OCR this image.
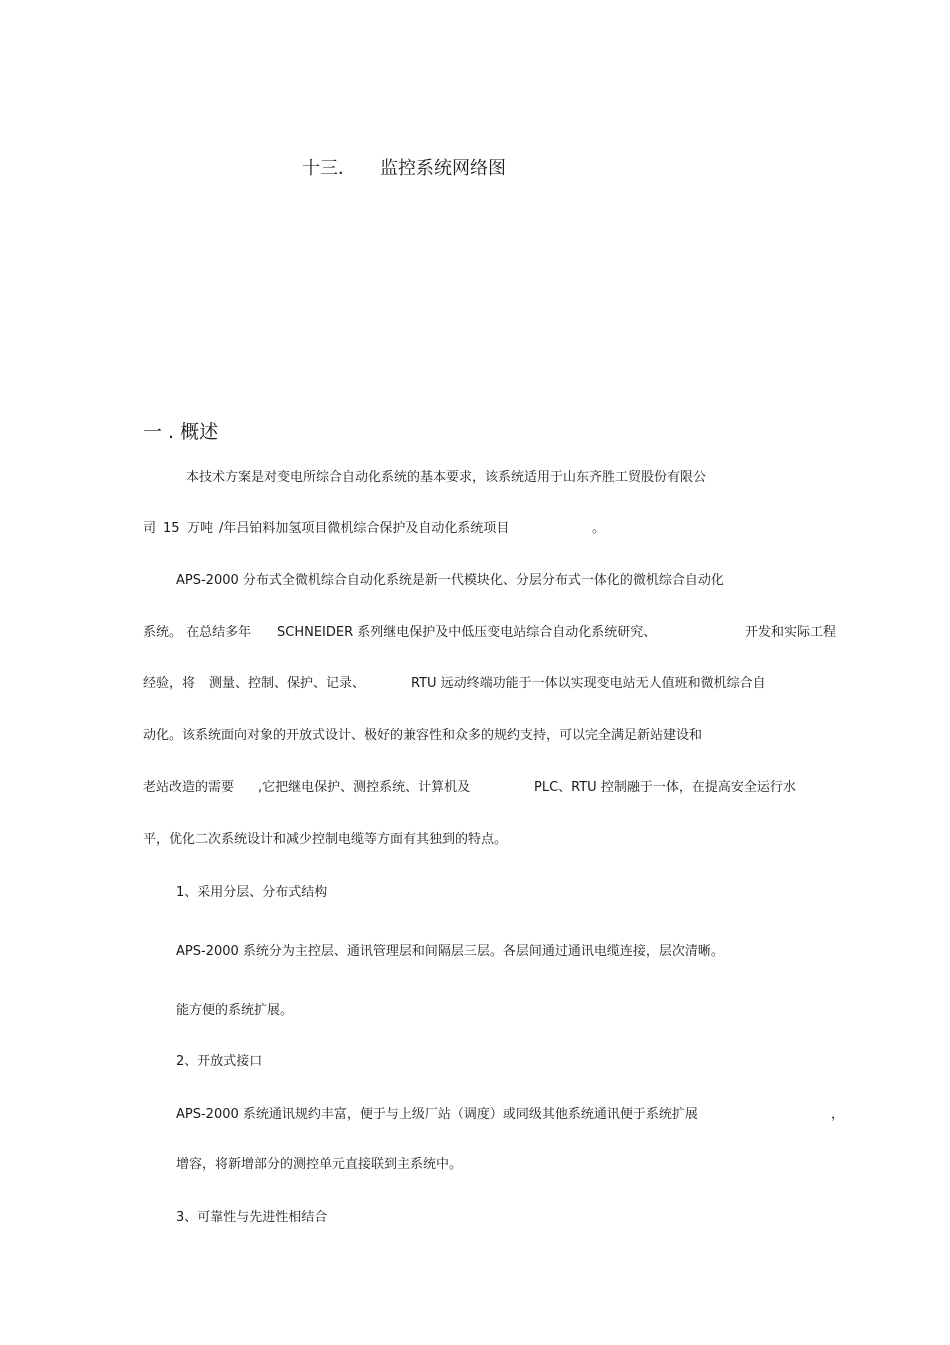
十三． 监控系统网络图
一 . 概述
本技术方案是对变电所综合自动化系统的基本要求，该系统适用于山东齐胜工贸股份有限公
司 15 万吨 /年吕铂料加氢项目微机综合保护及自动化系统项目	。
APS-2000 分布式全微机综合自动化系统是新一代模块化、分层分布式一体化的微机综合自动化
系统。 在总结多年 SCHNEIDER 系列继电保护及中低压变电站综合自动化系统研究、	开发和实际工程
经验，将 测量、控制、保护、记录、	RTU 远动终端功能于一体以实现变电站无人值班和微机综合自
动化。该系统面向对象的开放式设计、极好的兼容性和众多的规约支持，可以完全满足新站建设和
老站改造的需要 ,它把继电保护、测控系统、计算机及	PLC、RTU 控制融于一体，在提高安全运行水
平，优化二次系统设计和减少控制电缆等方面有其独到的特点。
1、采用分层、分布式结构
APS-2000 系统分为主控层、通讯管理层和间隔层三层。各层间通过通讯电缆连接，层次清晰。
能方便的系统扩展。
2、开放式接口
APS-2000 系统通讯规约丰富，便于与上级厂站（调度）或同级其他系统通讯便于系统扩展	，
增容，将新增部分的测控单元直接联到主系统中。
3、可靠性与先进性相结合
